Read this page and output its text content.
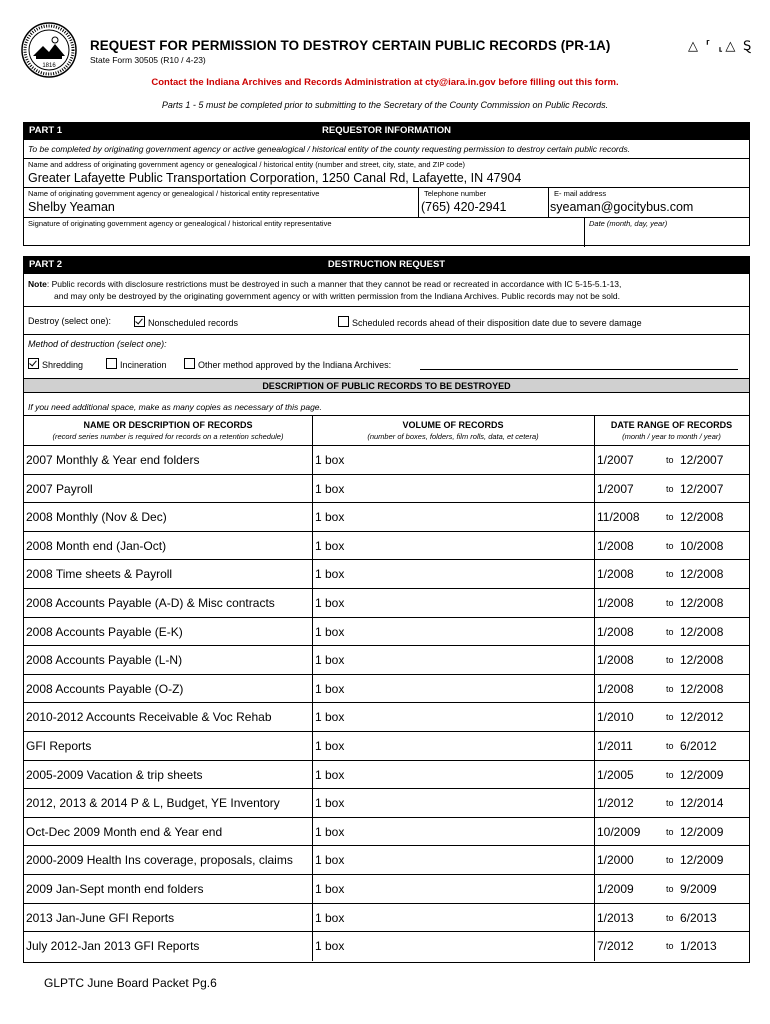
1816
REQUEST FOR PERMISSION TO DESTROY CERTAIN PUBLIC RECORDS (PR-1A)
State Form 30505 (R10 / 4-23)
△ ⸢ ⸤△ Ȿ
Contact the Indiana Archives and Records Administration at cty@iara.in.gov before filling out this form.
Parts 1 - 5 must be completed prior to submitting to the Secretary of the County Commission on Public Records.
PART 1	REQUESTOR INFORMATION
To be completed by originating government agency or active genealogical / historical entity of the county requesting permission to destroy certain public records.
Name and address of originating government agency or genealogical / historical entity (number and street, city, state, and ZIP code)
Greater Lafayette Public Transportation Corporation, 1250 Canal Rd, Lafayette, IN 47904
Name of originating government agency or genealogical / historical entity representative
Shelby Yeaman
Telephone number
(765) 420-2941
E- mail address
syeaman@gocitybus.com
Signature of originating government agency or genealogical / historical entity representative	Date (month, day, year)
PART 2	DESTRUCTION REQUEST
Note: Public records with disclosure restrictions must be destroyed in such a manner that they cannot be read or recreated in accordance with IC 5-15-5.1-13,
and may only be destroyed by the originating government agency or with written permission from the Indiana Archives. Public records may not be sold.
Destroy (select one):	Nonscheduled records	Scheduled records ahead of their disposition date due to severe damage
Method of destruction (select one):
Shredding	Incineration	Other method approved by the Indiana Archives:
DESCRIPTION OF PUBLIC RECORDS TO BE DESTROYED
If you need additional space, make as many copies as necessary of this page.
NAME OR DESCRIPTION OF RECORDS
(record series number is required for records on a retention schedule)
VOLUME OF RECORDS
(number of boxes, folders, film rolls, data, et cetera)
DATE RANGE OF RECORDS
(month / year to month / year)
2007 Monthly & Year end folders	1 box	1/2007	to 12/2007
2007 Payroll	1 box	1/2007	to 12/2007
2008 Monthly (Nov & Dec)	1 box	11/2008	to 12/2008
2008 Month end (Jan-Oct)	1 box	1/2008	to 10/2008
2008 Time sheets & Payroll	1 box	1/2008	to 12/2008
2008 Accounts Payable (A-D) & Misc contracts	1 box	1/2008	to 12/2008
2008 Accounts Payable (E-K)	1 box	1/2008	to 12/2008
2008 Accounts Payable (L-N)	1 box	1/2008	to 12/2008
2008 Accounts Payable (O-Z)	1 box	1/2008	to 12/2008
2010-2012 Accounts Receivable & Voc Rehab	1 box	1/2010	to 12/2012
GFI Reports	1 box	1/2011	to 6/2012
2005-2009 Vacation & trip sheets	1 box	1/2005	to 12/2009
2012, 2013 & 2014 P & L, Budget, YE Inventory	1 box	1/2012	to 12/2014
Oct-Dec 2009 Month end & Year end	1 box	10/2009	to 12/2009
2000-2009 Health Ins coverage, proposals, claims 1 box	1/2000	to 12/2009
2009 Jan-Sept month end folders	1 box	1/2009	to 9/2009
2013 Jan-June GFI Reports	1 box	1/2013	to 6/2013
July 2012-Jan 2013 GFI Reports	1 box	7/2012	to 1/2013
GLPTC June Board Packet Pg.6
